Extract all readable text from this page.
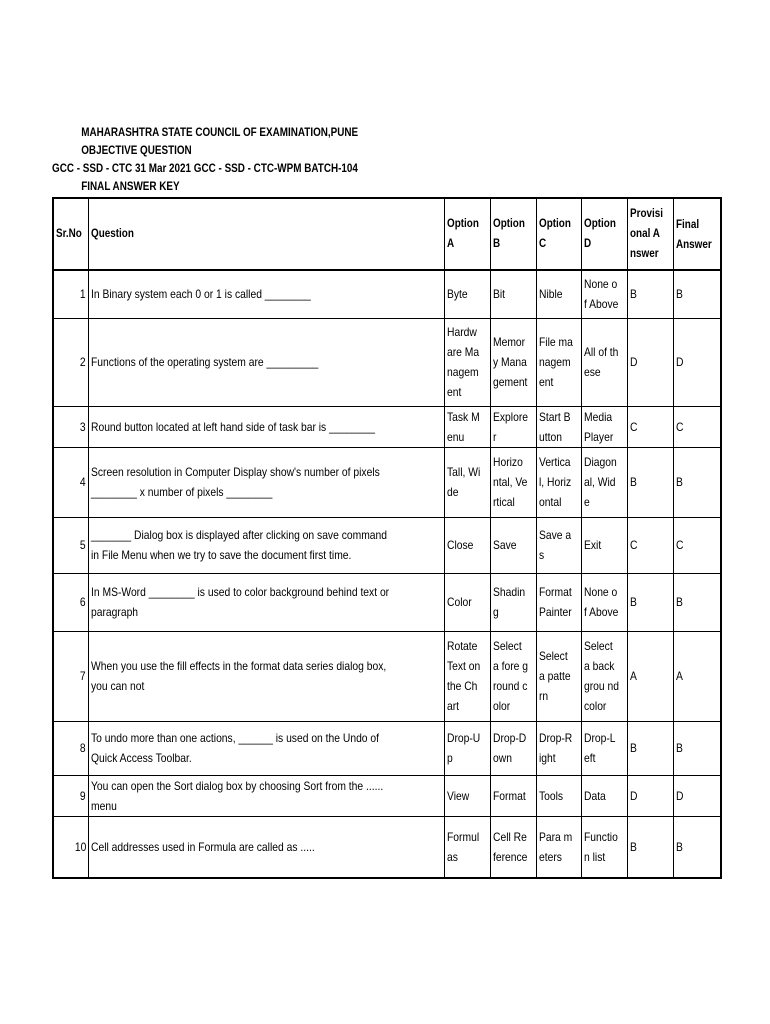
MAHARASHTRA STATE COUNCIL OF EXAMINATION,PUNE
OBJECTIVE QUESTION
GCC - SSD - CTC 31 Mar 2021 GCC - SSD - CTC-WPM BATCH-104
FINAL ANSWER KEY
Sr.No	Question	Option A	Option B	Option C	Option D	Provisional Answer	Final Answer
1	In Binary system each 0 or 1 is called ________	Byte	Bit	Nible	None of Above	B	B
2	Functions of the operating system are _________	Hardware Management	Memory Management	File management	All of these	D	D
3	Round button located at left hand side of task bar is ________	Task Menu	Explorer	Start Button	Media Player	C	C
4	Screen resolution in Computer Display show's number of pixels ________ x number of pixels ________	Tall, Wide	Horizontal, Vertical	Vertical, Horizontal	Diagonal, Wide	B	B
5	_______ Dialog box is displayed after clicking on save command in File Menu when we try to save the document first time.	Close	Save	Save as	Exit	C	C
6	In MS-Word ________ is used to color background behind text or paragraph	Color	Shading	Format Painter	None of Above	B	B
7	When you use the fill effects in the format data series dialog box, you can not	Rotate Text on the Chart	Select a fore ground color	Select a pattern	Select a backgrou nd color	A	A
8	To undo more than one actions, ______ is used on the Undo of Quick Access Toolbar.	Drop-Up	Drop-Down	Drop-Right	Drop-Left	B	B
9	You can open the Sort dialog box by choosing Sort from the ...... menu	View	Format	Tools	Data	D	D
10	Cell addresses used in Formula are called as .....	Formulas	Cell Reference	Para meters	Function list	B	B
